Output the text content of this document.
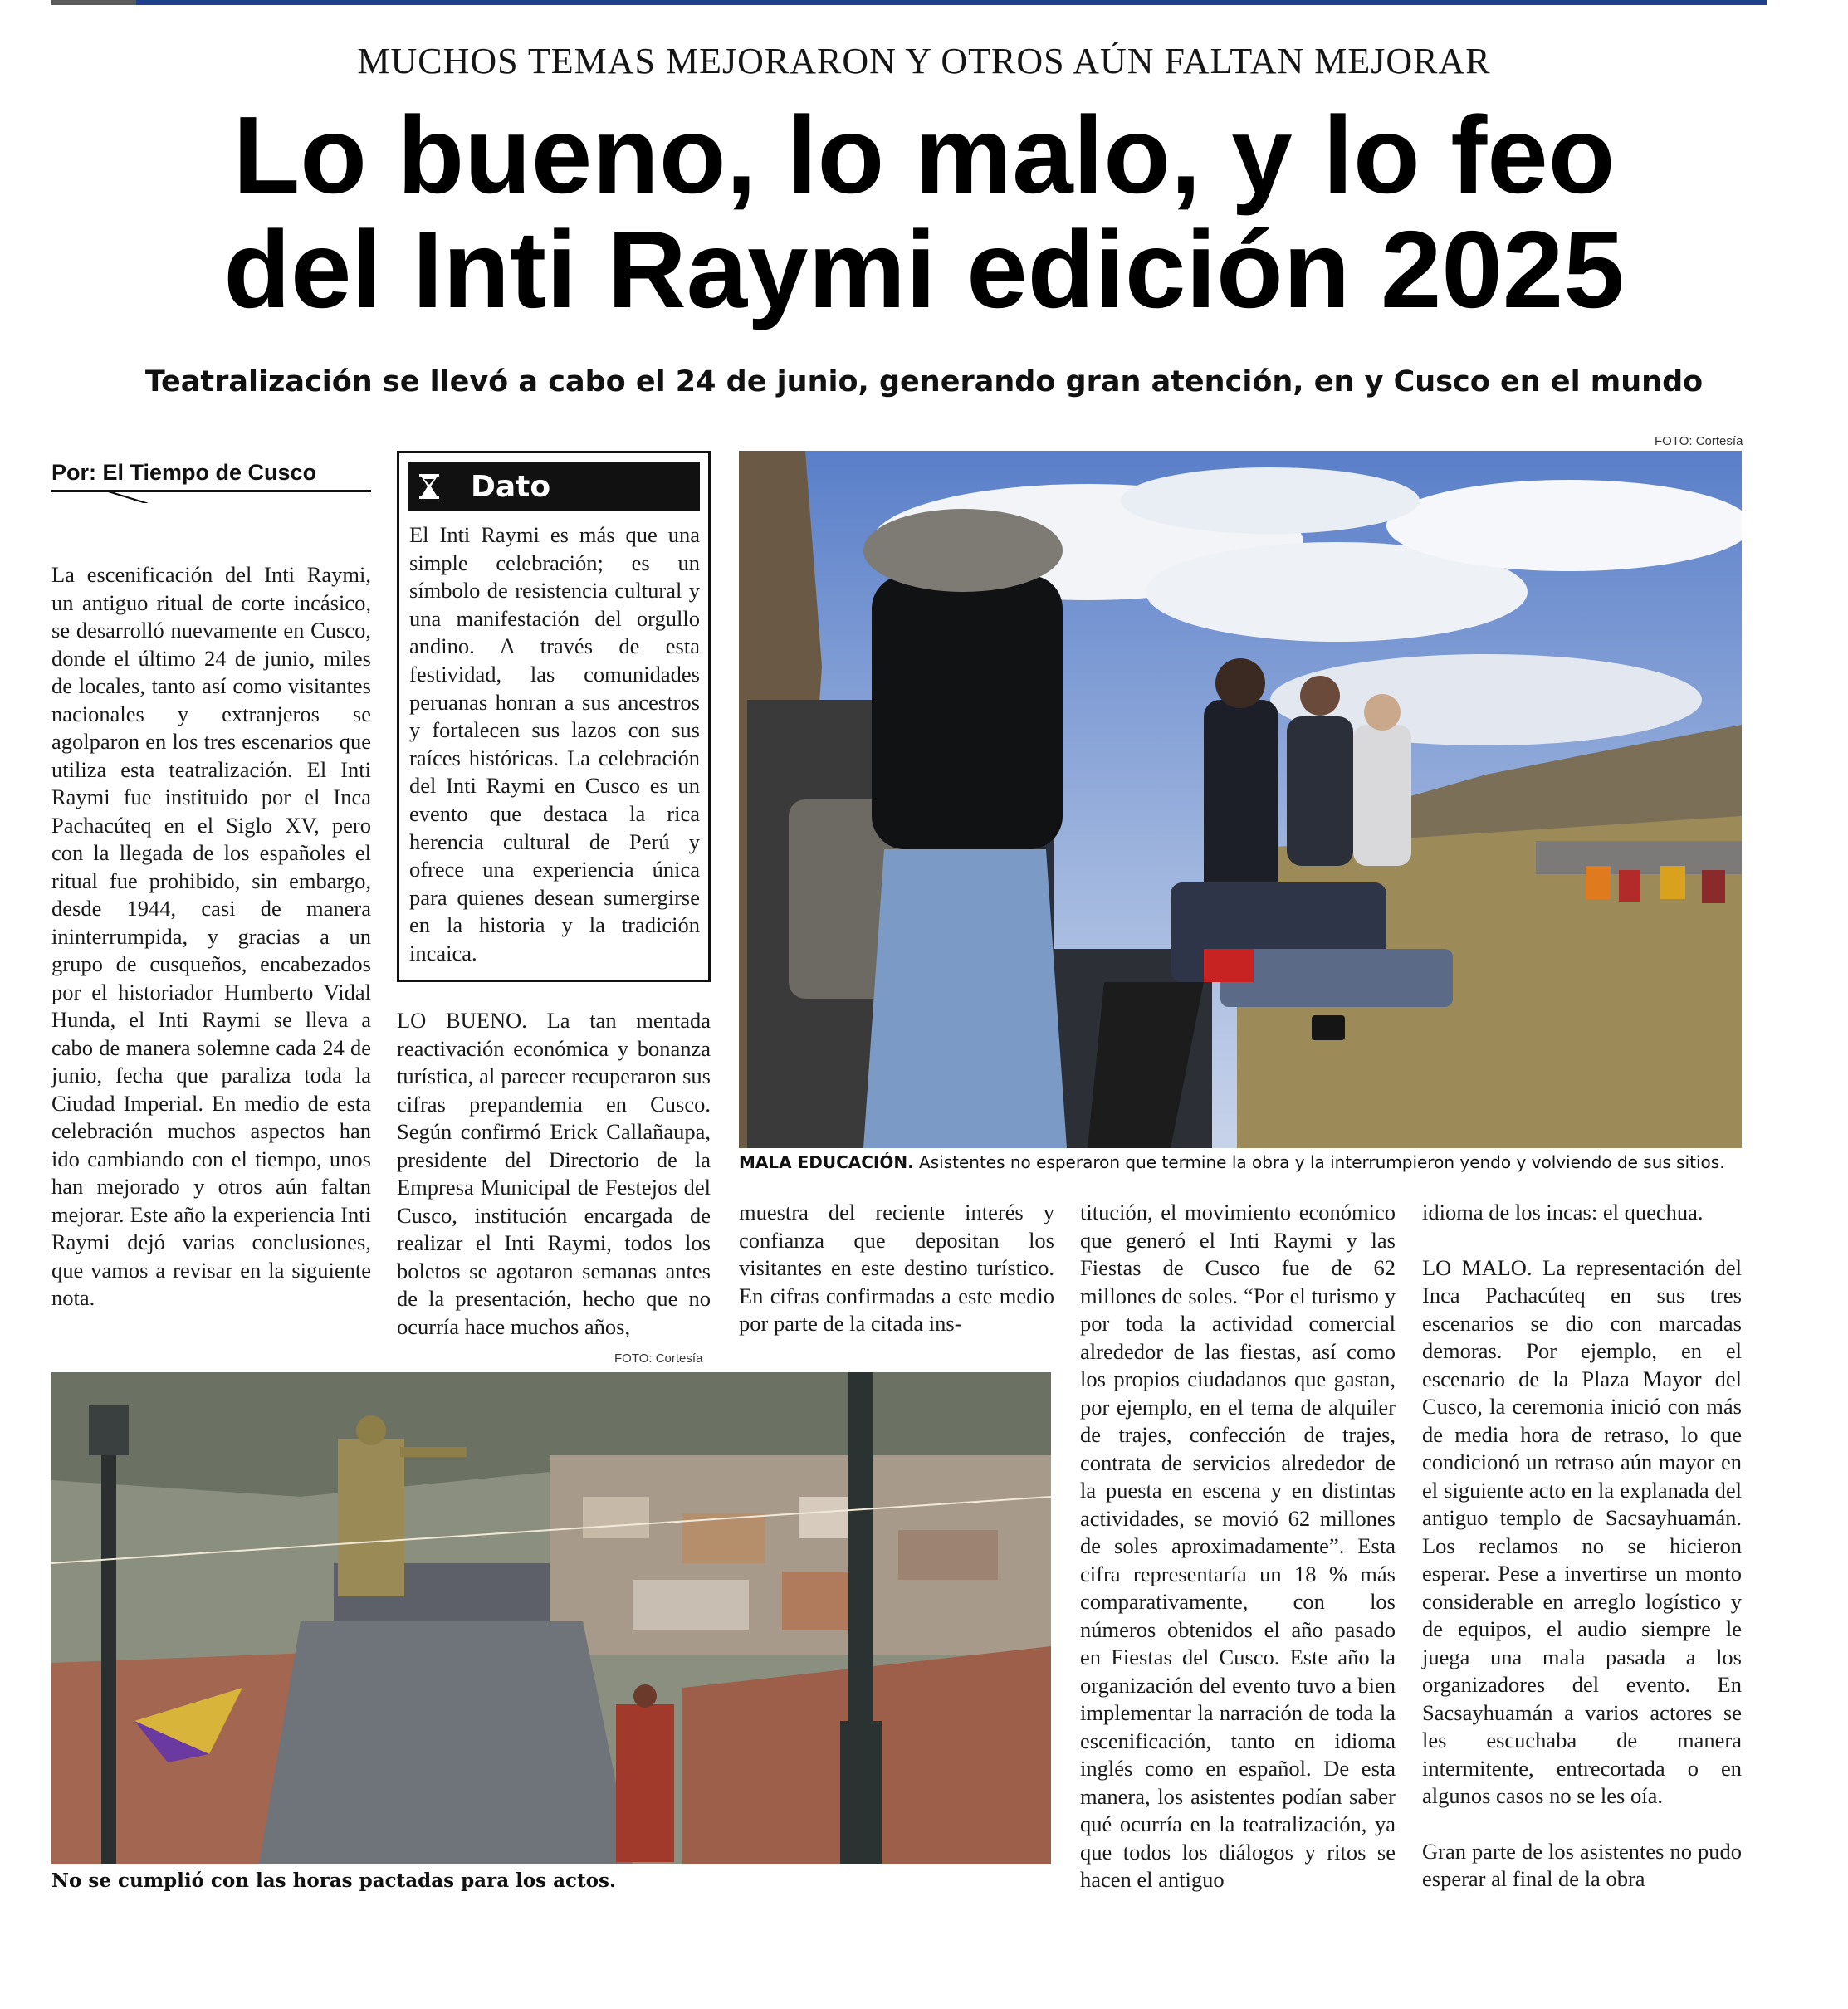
MUCHOS TEMAS MEJORARON Y OTROS AÚN FALTAN MEJORAR
Lo bueno, lo malo, y lo feo
del Inti Raymi edición 2025
Teatralización se llevó a cabo el 24 de junio, generando gran atención, en y Cusco en el mundo
Por: El Tiempo de Cusco

La escenificación del Inti Raymi, un antiguo ritual de corte incásico, se desarrolló nuevamente en Cusco, donde el último 24 de junio, miles de locales, tanto así como visitantes nacionales y extranjeros se agolparon en los tres escenarios que utiliza esta teatralización. El Inti Raymi fue instituido por el Inca Pachacúteq en el Siglo XV, pero con la llegada de los españoles el ritual fue prohibido, sin embargo, desde 1944, casi de manera ininterrumpida, y gracias a un grupo de cusqueños, encabezados por el historiador Humberto Vidal Hunda, el Inti Raymi se lleva a cabo de manera solemne cada 24 de junio, fecha que paraliza toda la Ciudad Imperial. En medio de esta celebración muchos aspectos han ido cambiando con el tiempo, unos han mejorado y otros aún faltan mejorar. Este año la experiencia Inti Raymi dejó varias conclusiones, que vamos a revisar en la siguiente nota.

Dato
El Inti Raymi es más que una simple celebración; es un símbolo de resistencia cultural y una manifestación del orgullo andino. A través de esta festividad, las comunidades peruanas honran a sus ancestros y fortalecen sus lazos con sus raíces históricas. La celebración del Inti Raymi en Cusco es un evento que destaca la rica herencia cultural de Perú y ofrece una experiencia única para quienes desean sumergirse en la historia y la tradición incaica.

LO BUENO. La tan mentada reactivación económica y bonanza turística, al parecer recuperaron sus cifras prepandemia en Cusco. Según confirmó Erick Callañaupa, presidente del Directorio de la Empresa Municipal de Festejos del Cusco, institución encargada de realizar el Inti Raymi, todos los boletos se agotaron semanas antes de la presentación, hecho que no ocurría hace muchos años,

FOTO: Cortesía
MALA EDUCACIÓN. Asistentes no esperaron que termine la obra y la interrumpieron yendo y volviendo de sus sitios.

muestra del reciente interés y confianza que depositan los visitantes en este destino turístico. En cifras confirmadas a este medio por parte de la citada ins-

titución, el movimiento económico que generó el Inti Raymi y las Fiestas de Cusco fue de 62 millones de soles. “Por el turismo y por toda la actividad comercial alrededor de las fiestas, así como los propios ciudadanos que gastan, por ejemplo, en el tema de alquiler de trajes, confección de trajes, contrata de servicios alrededor de la puesta en escena y en distintas actividades, se movió 62 millones de soles aproximadamente”. Esta cifra representaría un 18 % más comparativamente, con los números obtenidos el año pasado en Fiestas del Cusco. Este año la organización del evento tuvo a bien implementar la narración de toda la escenificación, tanto en idioma inglés como en español. De esta manera, los asistentes podían saber qué ocurría en la teatralización, ya que todos los diálogos y ritos se hacen el antiguo

idioma de los incas: el quechua.

LO MALO. La representación del Inca Pachacúteq en sus tres escenarios se dio con marcadas demoras. Por ejemplo, en el escenario de la Plaza Mayor del Cusco, la ceremonia inició con más de media hora de retraso, lo que condicionó un retraso aún mayor en el siguiente acto en la explanada del antiguo templo de Sacsayhuamán. Los reclamos no se hicieron esperar. Pese a invertirse un monto considerable en arreglo logístico y de equipos, el audio siempre le juega una mala pasada a los organizadores del evento. En Sacsayhuamán a varios actores se les escuchaba de manera intermitente, entrecortada o en algunos casos no se les oía.

Gran parte de los asistentes no pudo esperar al final de la obra

FOTO: Cortesía
No se cumplió con las horas pactadas para los actos.
